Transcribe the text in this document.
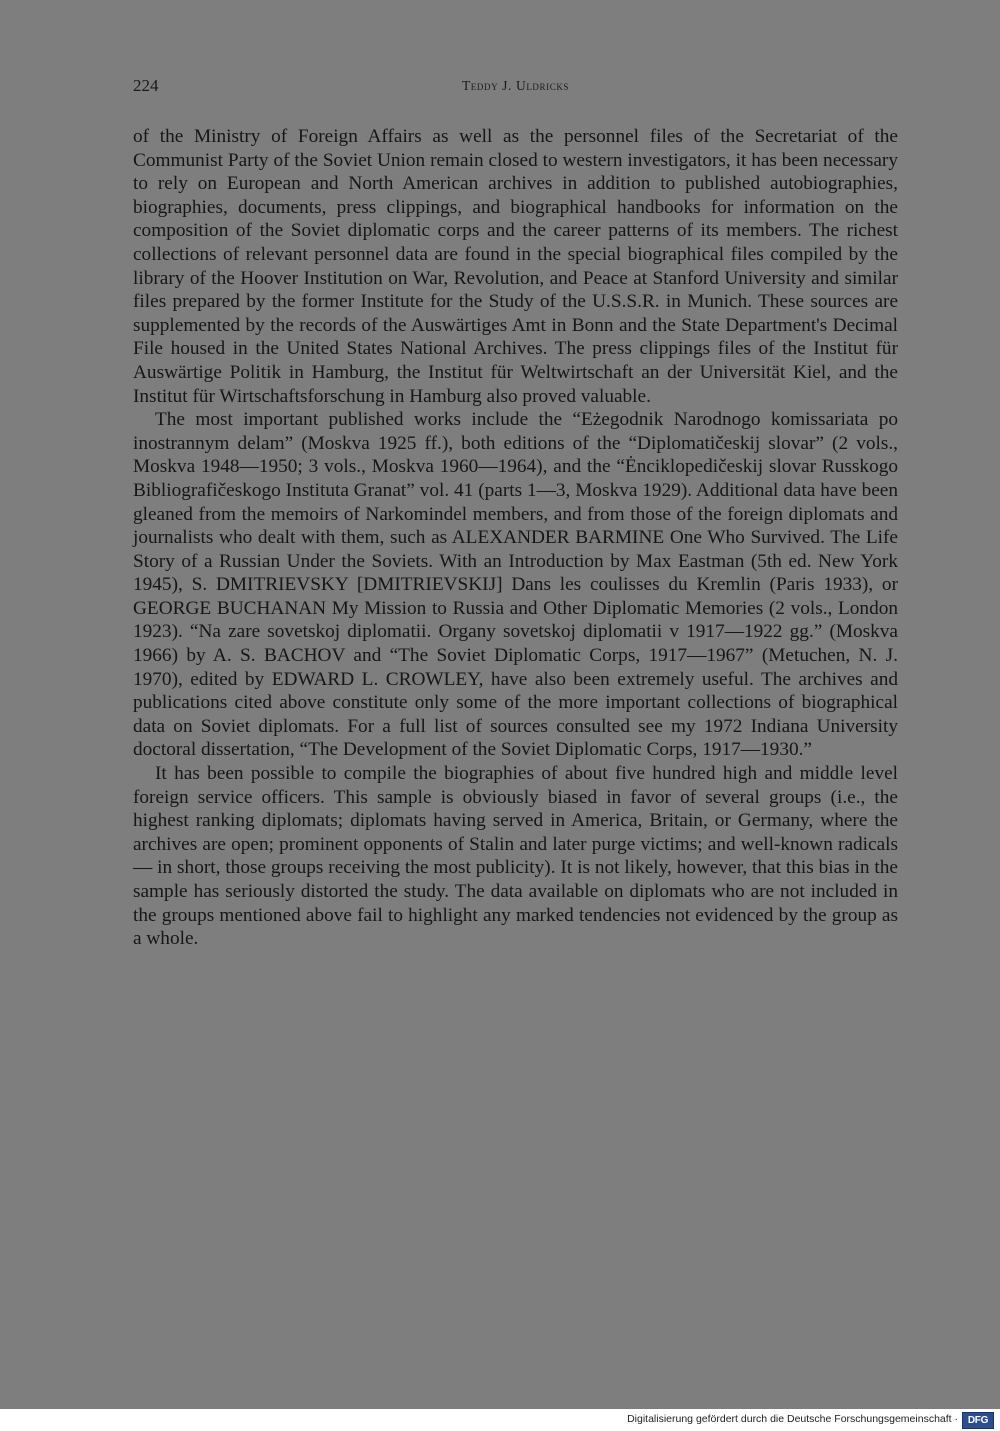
224	Teddy J. Uldricks

of the Ministry of Foreign Affairs as well as the personnel files of the Secretariat of the Communist Party of the Soviet Union remain closed to western investigators, it has been necessary to rely on European and North American archives in addition to published autobiographies, biographies, documents, press clippings, and biographical handbooks for information on the composition of the Soviet diplomatic corps and the career patterns of its members. The richest collections of relevant personnel data are found in the special biographical files compiled by the library of the Hoover Institution on War, Revolution, and Peace at Stanford University and similar files prepared by the former Institute for the Study of the U.S.S.R. in Munich. These sources are supplemented by the records of the Auswärtiges Amt in Bonn and the State Department's Decimal File housed in the United States National Archives. The press clippings files of the Institut für Auswärtige Politik in Hamburg, the Institut für Weltwirtschaft an der Universität Kiel, and the Institut für Wirtschaftsforschung in Hamburg also proved valuable.

The most important published works include the “Eżegodnik Narodnogo komissariata po inostrannym delam” (Moskva 1925 ff.), both editions of the “Diplomatičeskij slovar” (2 vols., Moskva 1948—1950; 3 vols., Moskva 1960—1964), and the “Ėnciklopedičeskij slovar Russkogo Bibliografičeskogo Instituta Granat” vol. 41 (parts 1—3, Moskva 1929). Additional data have been gleaned from the memoirs of Narkomindel members, and from those of the foreign diplomats and journalists who dealt with them, such as ALEXANDER BARMINE One Who Survived. The Life Story of a Russian Under the Soviets. With an Introduction by Max Eastman (5th ed. New York 1945), S. DMITRIEVSKY [DMITRIEVSKIJ] Dans les coulisses du Kremlin (Paris 1933), or GEORGE BUCHANAN My Mission to Russia and Other Diplomatic Memories (2 vols., London 1923). “Na zare sovetskoj diplomatii. Organy sovetskoj diplomatii v 1917—1922 gg.” (Moskva 1966) by A. S. BACHOV and “The Soviet Diplomatic Corps, 1917—1967” (Metuchen, N. J. 1970), edited by EDWARD L. CROWLEY, have also been extremely useful. The archives and publications cited above constitute only some of the more important collections of biographical data on Soviet diplomats. For a full list of sources consulted see my 1972 Indiana University doctoral dissertation, “The Development of the Soviet Diplomatic Corps, 1917—1930.”

It has been possible to compile the biographies of about five hundred high and middle level foreign service officers. This sample is obviously biased in favor of several groups (i.e., the highest ranking diplomats; diplomats having served in America, Britain, or Germany, where the archives are open; prominent opponents of Stalin and later purge victims; and well-known radicals — in short, those groups receiving the most publicity). It is not likely, however, that this bias in the sample has seriously distorted the study. The data available on diplomats who are not included in the groups mentioned above fail to highlight any marked tendencies not evidenced by the group as a whole.

Digitalisierung gefördert durch die Deutsche Forschungsgemeinschaft · DFG
